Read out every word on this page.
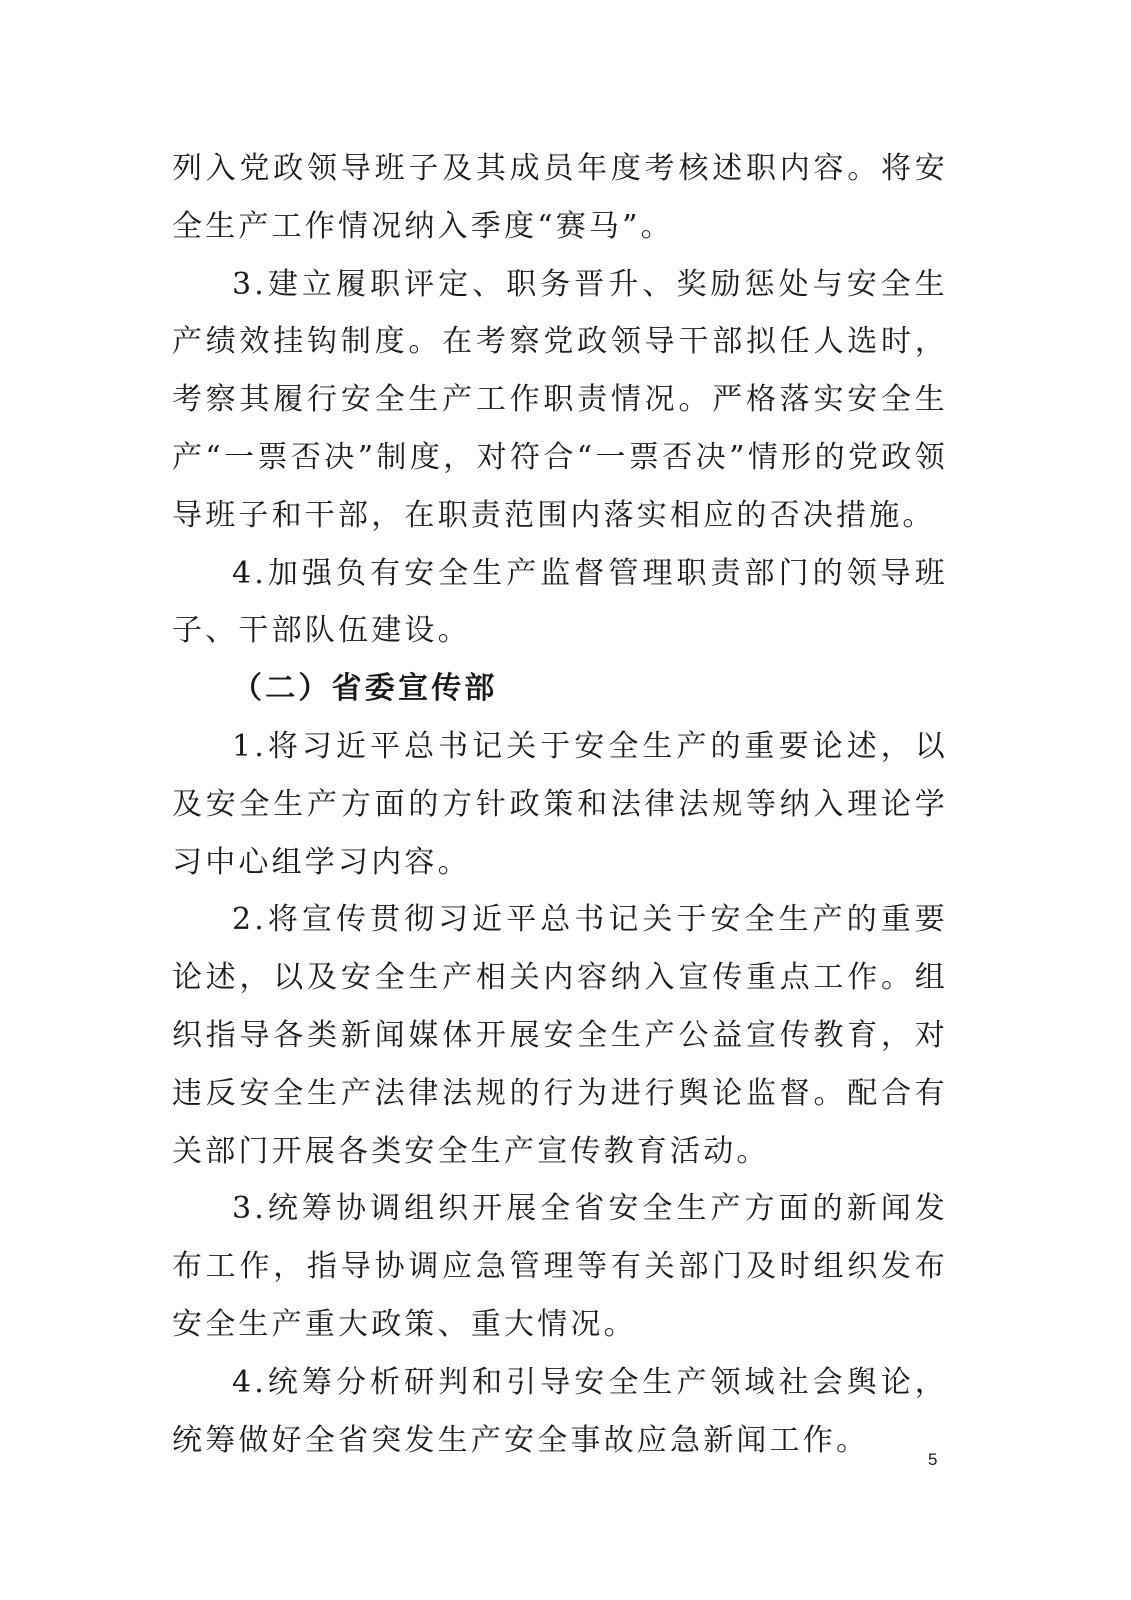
列入党政领导班子及其成员年度考核述职内容。将安全生产工作情况纳入季度“赛马”。

3.建立履职评定、职务晋升、奖励惩处与安全生产绩效挂钩制度。在考察党政领导干部拟任人选时，考察其履行安全生产工作职责情况。严格落实安全生产“一票否决”制度，对符合“一票否决”情形的党政领导班子和干部，在职责范围内落实相应的否决措施。

4.加强负有安全生产监督管理职责部门的领导班子、干部队伍建设。

（二）省委宣传部

1.将习近平总书记关于安全生产的重要论述，以及安全生产方面的方针政策和法律法规等纳入理论学习中心组学习内容。

2.将宣传贯彻习近平总书记关于安全生产的重要论述，以及安全生产相关内容纳入宣传重点工作。组织指导各类新闻媒体开展安全生产公益宣传教育，对违反安全生产法律法规的行为进行舆论监督。配合有关部门开展各类安全生产宣传教育活动。

3.统筹协调组织开展全省安全生产方面的新闻发布工作，指导协调应急管理等有关部门及时组织发布安全生产重大政策、重大情况。

4.统筹分析研判和引导安全生产领域社会舆论，统筹做好全省突发生产安全事故应急新闻工作。

5
